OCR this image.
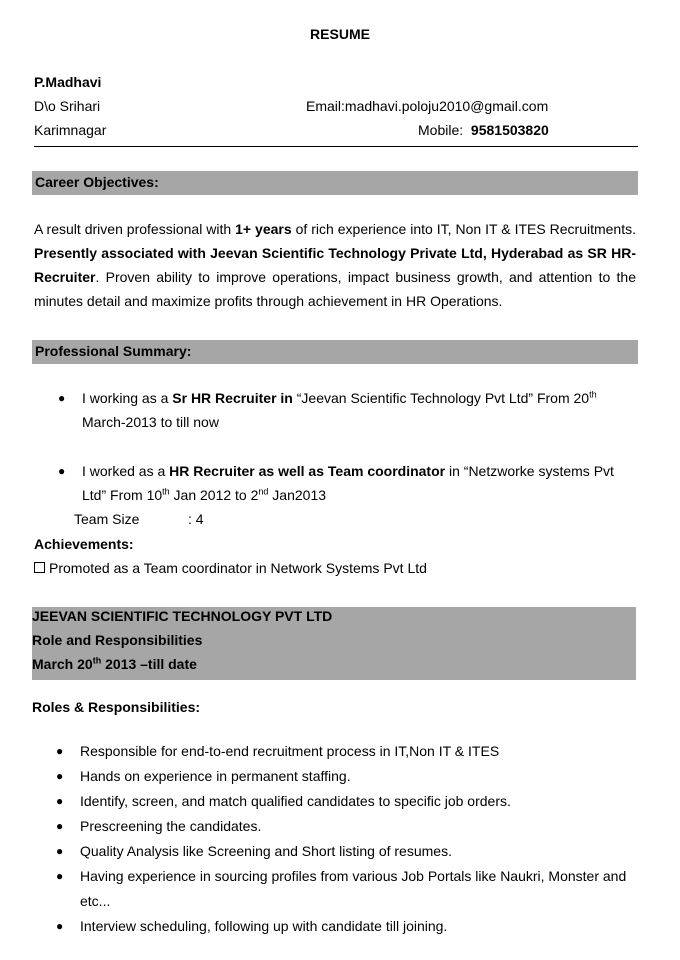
RESUME
P.Madhavi
D\o Srihari
Karimnagar
Email:madhavi.poloju2010@gmail.com
Mobile: 9581503820
Career Objectives:
A result driven professional with 1+ years of rich experience into IT, Non IT & ITES Recruitments. Presently associated with Jeevan Scientific Technology Private Ltd, Hyderabad as SR HR-Recruiter. Proven ability to improve operations, impact business growth, and attention to the minutes detail and maximize profits through achievement in HR Operations.
Professional Summary:
● I working as a Sr HR Recruiter in “Jeevan Scientific Technology Pvt Ltd” From 20th
March-2013 to till now
● I worked as a HR Recruiter as well as Team coordinator in “Netzworke systems Pvt
Ltd” From 10th Jan 2012 to 2nd Jan2013
Team Size	: 4
Achievements:
Promoted as a Team coordinator in Network Systems Pvt Ltd
JEEVAN SCIENTIFIC TECHNOLOGY PVT LTD
Role and Responsibilities
March 20th 2013 –till date
Roles & Responsibilities:
● Responsible for end-to-end recruitment process in IT,Non IT & ITES
● Hands on experience in permanent staffing.
● Identify, screen, and match qualified candidates to specific job orders.
● Prescreening the candidates.
● Quality Analysis like Screening and Short listing of resumes.
● Having experience in sourcing profiles from various Job Portals like Naukri, Monster and
etc...
● Interview scheduling, following up with candidate till joining.
